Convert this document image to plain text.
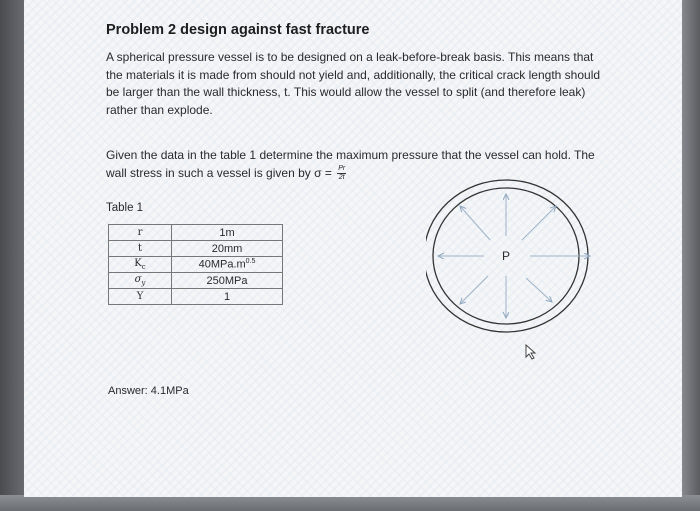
Problem 2 design against fast fracture
A spherical pressure vessel is to be designed on a leak-before-break basis. This means that the materials it is made from should not yield and, additionally, the critical crack length should be larger than the wall thickness, t. This would allow the vessel to split (and therefore leak) rather than explode.
Given the data in the table 1 determine the maximum pressure that the vessel can hold. The wall stress in such a vessel is given by $\sigma = \frac{Pr}{2t}$
Table 1
r	1m
t	20mm
$K_c$	$40MPa.m^{0.5}$
$\sigma_y$	250MPa
Y	1
Answer: 4.1MPa
P
